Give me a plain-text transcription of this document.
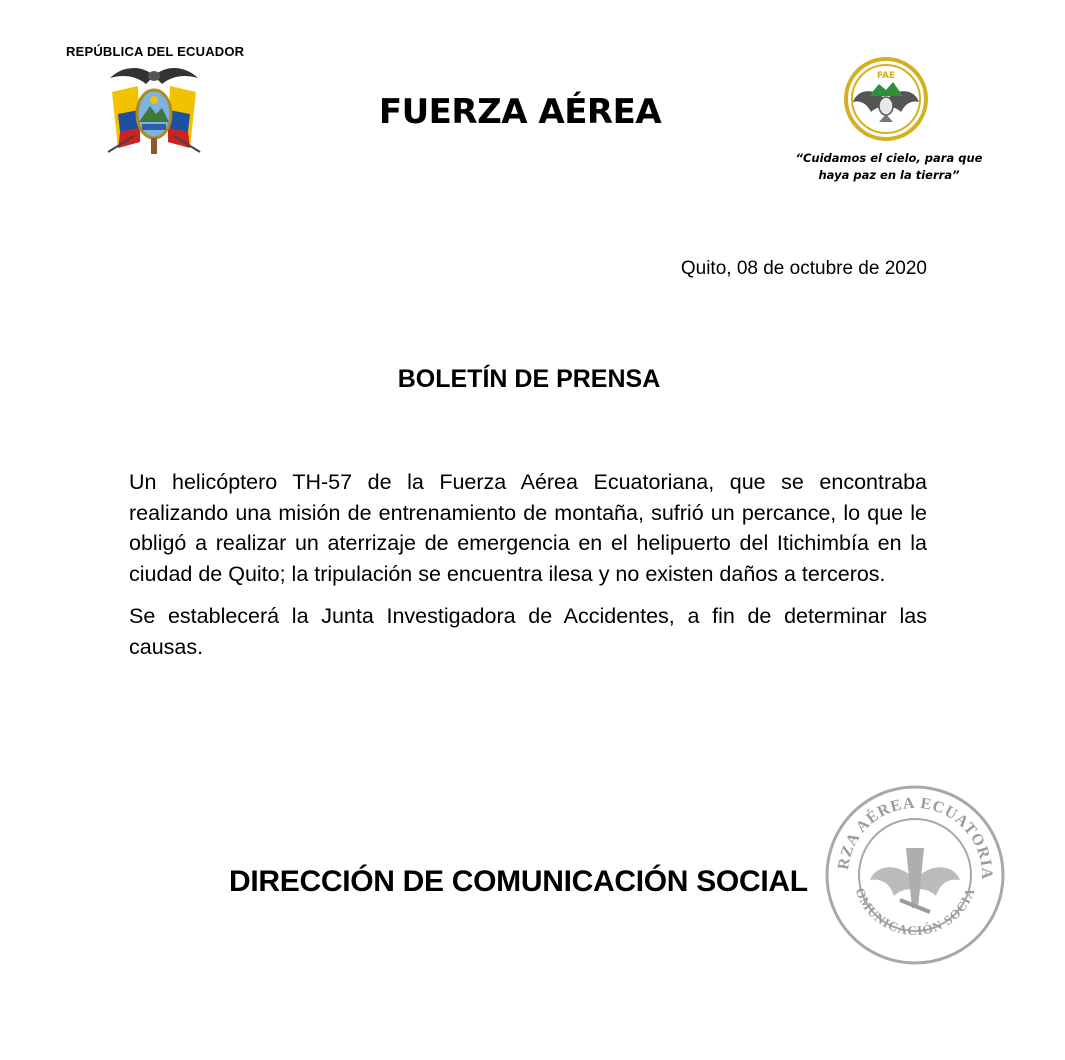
REPÚBLICA DEL ECUADOR
FUERZA AÉREA
FAE
“Cuidamos el cielo, para que
haya paz en la tierra”
Quito, 08 de octubre de 2020
BOLETÍN DE PRENSA

Un helicóptero TH-57 de la Fuerza Aérea Ecuatoriana, que se encontraba realizando una misión de entrenamiento de montaña, sufrió un percance, lo que le obligó a realizar un aterrizaje de emergencia en el helipuerto del Itichimbía en la ciudad de Quito; la tripulación se encuentra ilesa y no existen daños a terceros.

Se establecerá la Junta Investigadora de Accidentes, a fin de determinar las causas.

RZA AÉREA ECUATORIA
OMUNICACIÓN SOCIA
DIRECCIÓN DE COMUNICACIÓN SOCIAL
